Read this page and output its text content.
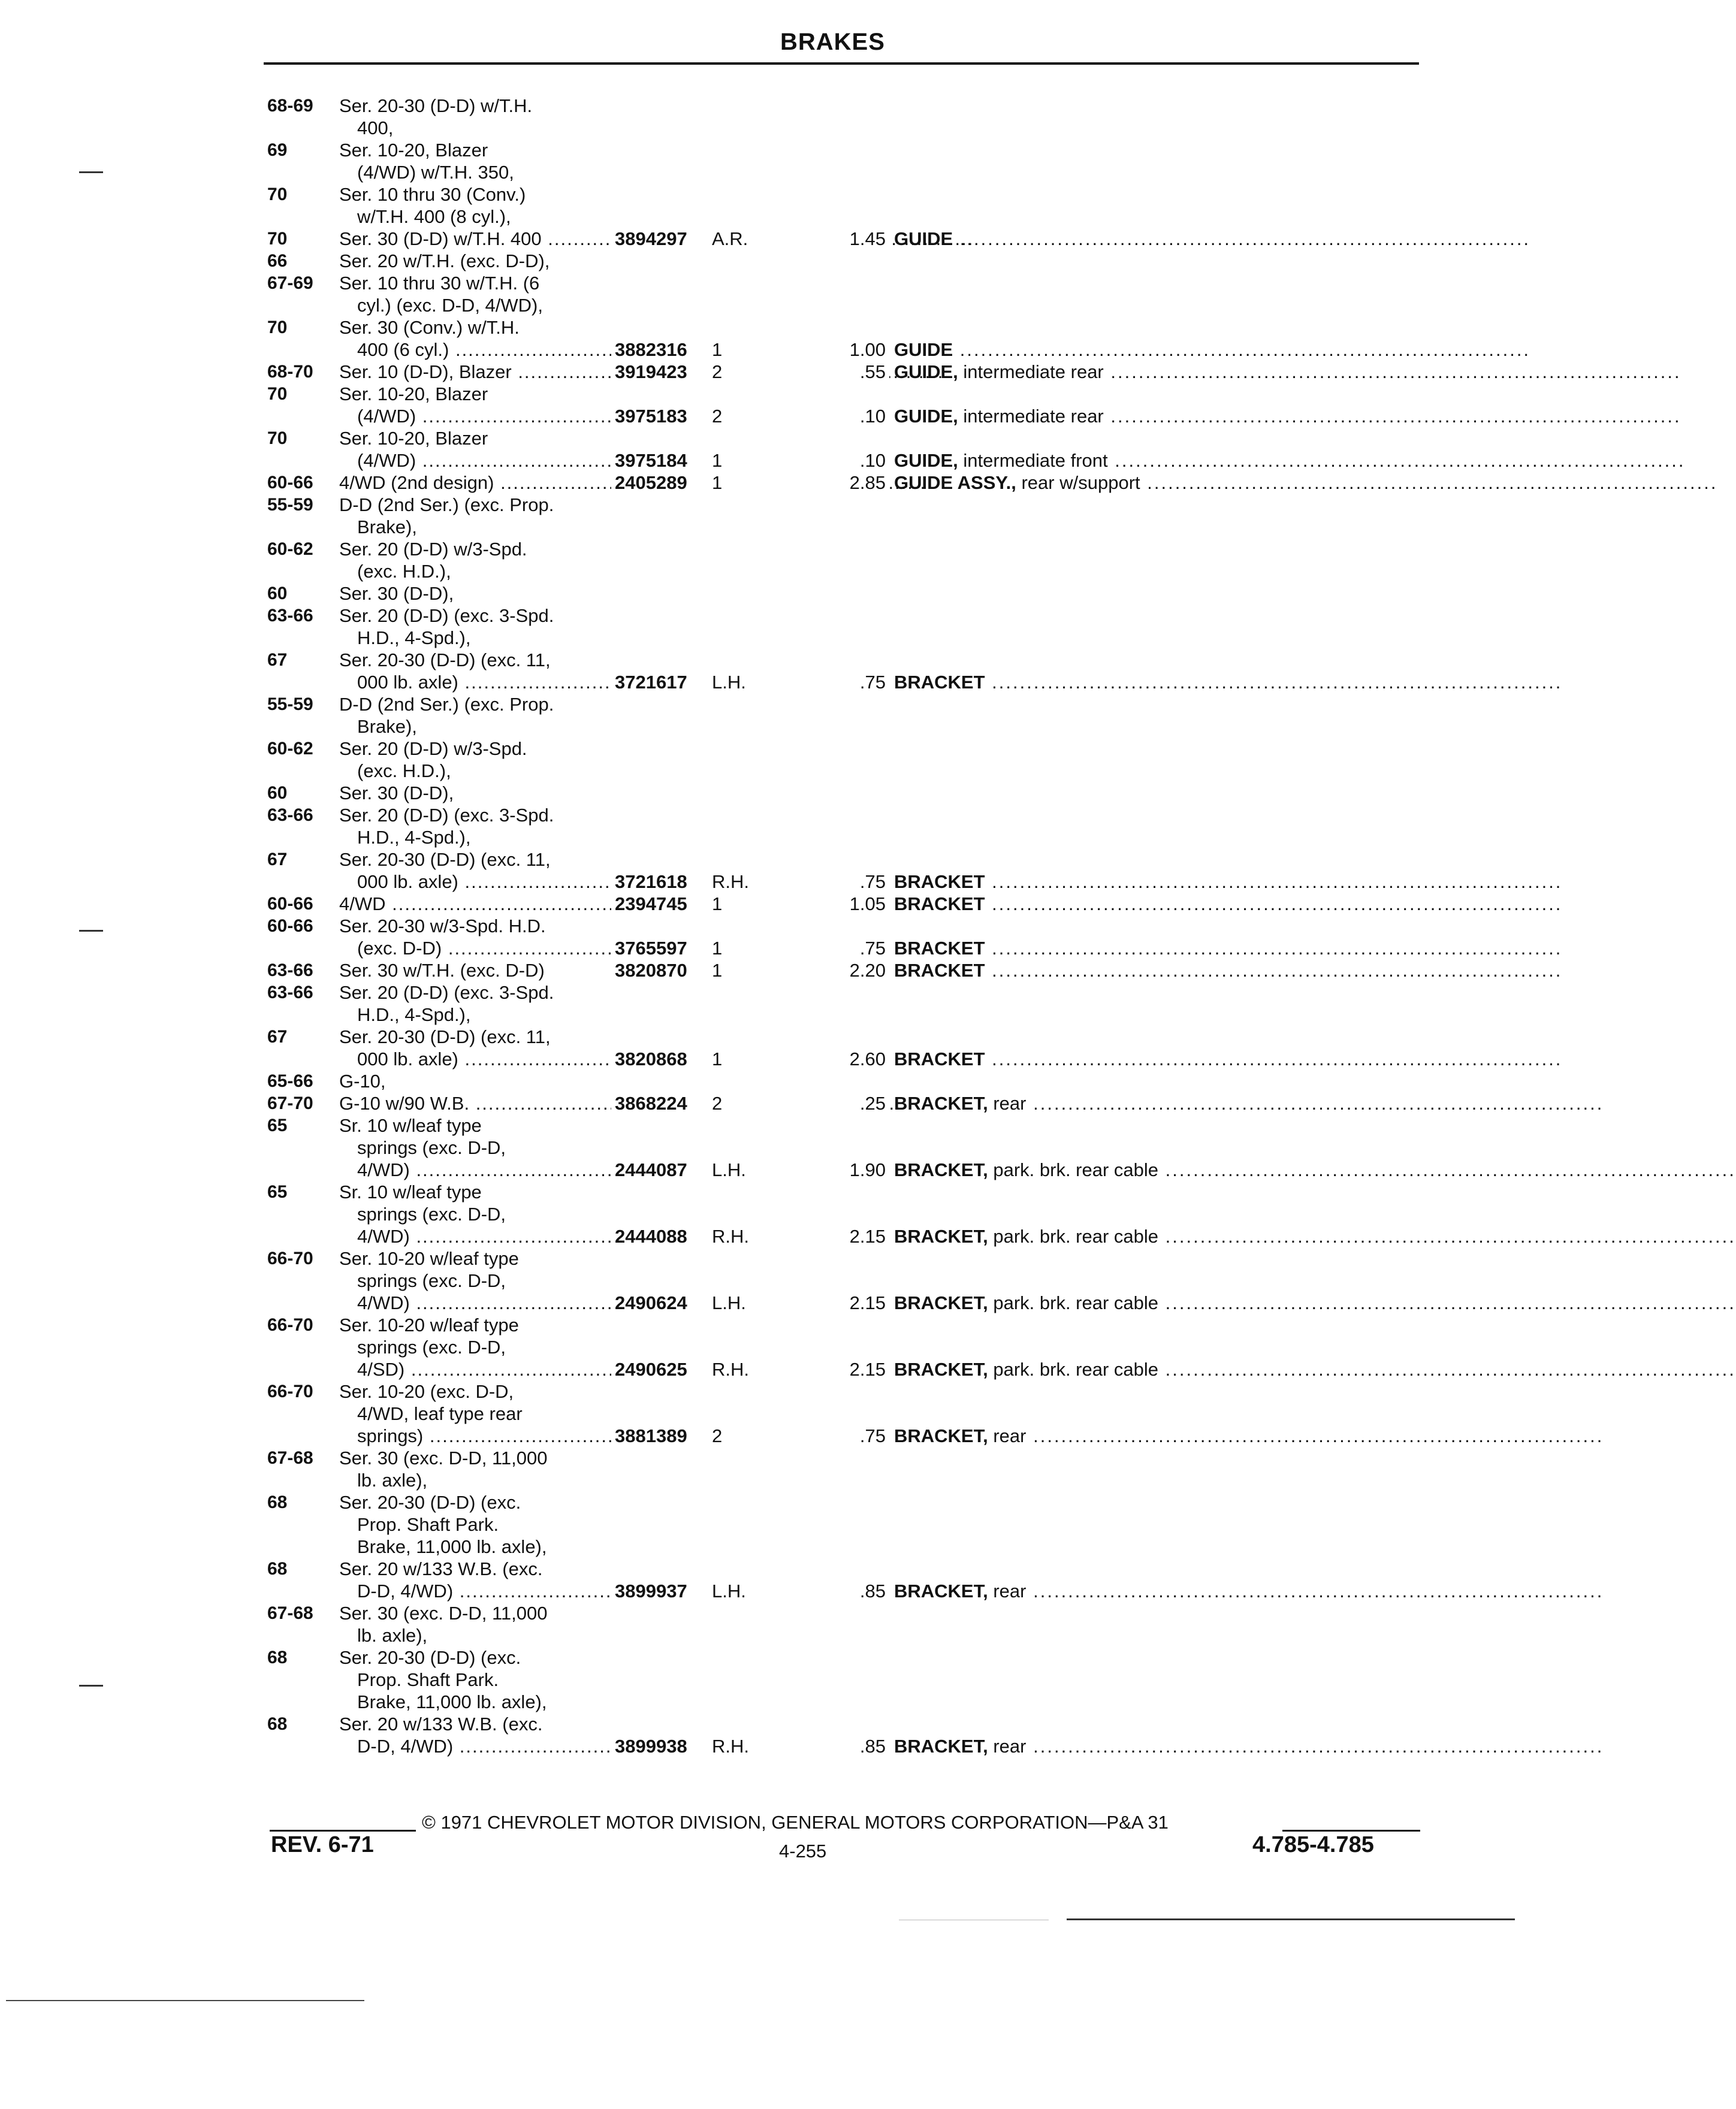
BRAKES
68-69	Ser. 20-30 (D-D) w/T.H.
400,
69	Ser. 10-20, Blazer
(4/WD) w/T.H. 350,
70	Ser. 10 thru 30 (Conv.)
w/T.H. 400 (8 cyl.),
70	Ser. 30 (D-D) w/T.H. 400 .....	3894297	A.R.	1.45 GUIDE ..................................................................................
66	Ser. 20 w/T.H. (exc. D-D),
67-69	Ser. 10 thru 30 w/T.H. (6
cyl.) (exc. D-D, 4/WD),
70	Ser. 30 (Conv.) w/T.H.
400 (6 cyl.) .....	3882316	1	1.00 GUIDE ..................................................................................
68-70	Ser. 10 (D-D), Blazer .....	3919423	2	.55 GUIDE, intermediate rear ..................................................................................
70	Ser. 10-20, Blazer
(4/WD) .....	3975183	2	.10 GUIDE, intermediate rear ..................................................................................
70	Ser. 10-20, Blazer
(4/WD) .....	3975184	1	.10 GUIDE, intermediate front ..................................................................................
60-66	4/WD (2nd design) .....	2405289	1	2.85 GUIDE ASSY., rear w/support ..................................................................................
55-59	D-D (2nd Ser.) (exc. Prop.
Brake),
60-62	Ser. 20 (D-D) w/3-Spd.
(exc. H.D.),
60	Ser. 30 (D-D),
63-66	Ser. 20 (D-D) (exc. 3-Spd.
H.D., 4-Spd.),
67	Ser. 20-30 (D-D) (exc. 11,
000 lb. axle) .....	3721617	L.H.	.75 BRACKET ..................................................................................
55-59	D-D (2nd Ser.) (exc. Prop.
Brake),
60-62	Ser. 20 (D-D) w/3-Spd.
(exc. H.D.),
60	Ser. 30 (D-D),
63-66	Ser. 20 (D-D) (exc. 3-Spd.
H.D., 4-Spd.),
67	Ser. 20-30 (D-D) (exc. 11,
000 lb. axle) .....	3721618	R.H.	.75 BRACKET ..................................................................................
60-66	4/WD .....	2394745	1	1.05 BRACKET ..................................................................................
60-66	Ser. 20-30 w/3-Spd. H.D.
(exc. D-D) .....	3765597	1	.75 BRACKET ..................................................................................
63-66	Ser. 30 w/T.H. (exc. D-D)	3820870	1	2.20 BRACKET ..................................................................................
63-66	Ser. 20 (D-D) (exc. 3-Spd.
H.D., 4-Spd.),
67	Ser. 20-30 (D-D) (exc. 11,
000 lb. axle) .....	3820868	1	2.60 BRACKET ..................................................................................
65-66	G-10,
67-70	G-10 w/90 W.B. .....	3868224	2	.25 BRACKET, rear ..................................................................................
65	Sr. 10 w/leaf type
springs (exc. D-D,
4/WD) .....	2444087	L.H.	1.90 BRACKET, park. brk. rear cable ..................................................................................
65	Sr. 10 w/leaf type
springs (exc. D-D,
4/WD) .....	2444088	R.H.	2.15 BRACKET, park. brk. rear cable ..................................................................................
66-70	Ser. 10-20 w/leaf type
springs (exc. D-D,
4/WD) .....	2490624	L.H.	2.15 BRACKET, park. brk. rear cable ..................................................................................
66-70	Ser. 10-20 w/leaf type
springs (exc. D-D,
4/SD) .....	2490625	R.H.	2.15 BRACKET, park. brk. rear cable ..................................................................................
66-70	Ser. 10-20 (exc. D-D,
4/WD, leaf type rear
springs) .....	3881389	2	.75 BRACKET, rear ..................................................................................
67-68	Ser. 30 (exc. D-D, 11,000
lb. axle),
68	Ser. 20-30 (D-D) (exc.
Prop. Shaft Park.
Brake, 11,000 lb. axle),
68	Ser. 20 w/133 W.B. (exc.
D-D, 4/WD) .....	3899937	L.H.	.85 BRACKET, rear ..................................................................................
67-68	Ser. 30 (exc. D-D, 11,000
lb. axle),
68	Ser. 20-30 (D-D) (exc.
Prop. Shaft Park.
Brake, 11,000 lb. axle),
68	Ser. 20 w/133 W.B. (exc.
D-D, 4/WD) .....	3899938	R.H.	.85 BRACKET, rear ..................................................................................
© 1971 CHEVROLET MOTOR DIVISION, GENERAL MOTORS CORPORATION—P&A 31
REV. 6-71	4-255	4.785-4.785
